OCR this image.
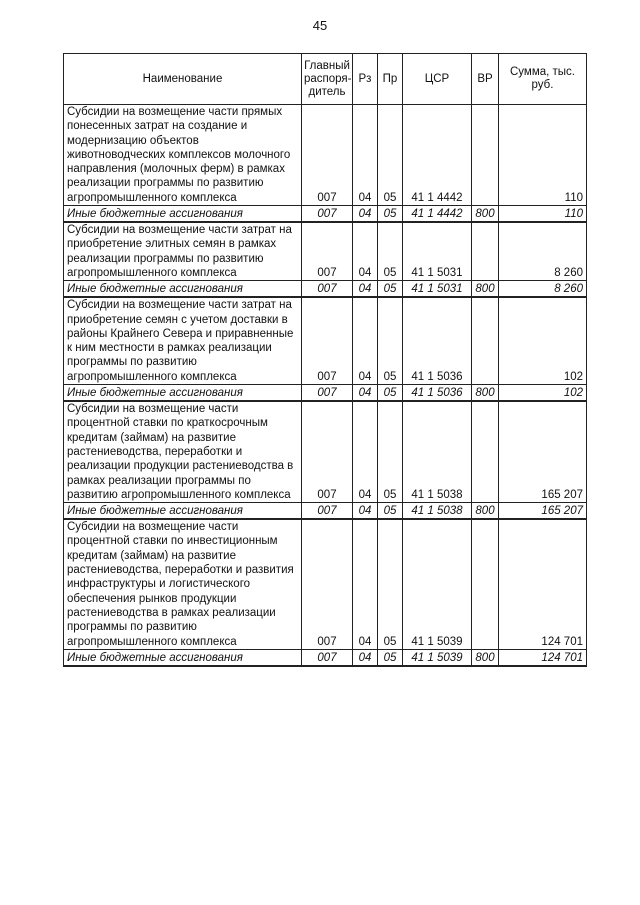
45
Наименование	Главный распоря-дитель	Рз	Пр	ЦСР	ВР	Сумма, тыс. руб.
Субсидии на возмещение части прямых понесенных затрат на создание и модернизацию объектов животноводческих комплексов молочного направления (молочных ферм) в рамках реализации программы по развитию агропромышленного комплекса	007	04	05	41 1 4442		110
Иные бюджетные ассигнования	007	04	05	41 1 4442	800	110
Субсидии на возмещение части затрат на приобретение элитных семян в рамках реализации программы по развитию агропромышленного комплекса	007	04	05	41 1 5031		8 260
Иные бюджетные ассигнования	007	04	05	41 1 5031	800	8 260
Субсидии на возмещение части затрат на приобретение семян с учетом доставки в районы Крайнего Севера и приравненные к ним местности в рамках реализации программы по развитию агропромышленного комплекса	007	04	05	41 1 5036		102
Иные бюджетные ассигнования	007	04	05	41 1 5036	800	102
Субсидии на возмещение части процентной ставки по краткосрочным кредитам (займам) на развитие растениеводства, переработки и реализации продукции растениеводства в рамках реализации программы по развитию агропромышленного комплекса	007	04	05	41 1 5038		165 207
Иные бюджетные ассигнования	007	04	05	41 1 5038	800	165 207
Субсидии на возмещение части процентной ставки по инвестиционным кредитам (займам) на развитие растениеводства, переработки и развития инфраструктуры и логистического обеспечения рынков продукции растениеводства в рамках реализации программы по развитию агропромышленного комплекса	007	04	05	41 1 5039		124 701
Иные бюджетные ассигнования	007	04	05	41 1 5039	800	124 701
